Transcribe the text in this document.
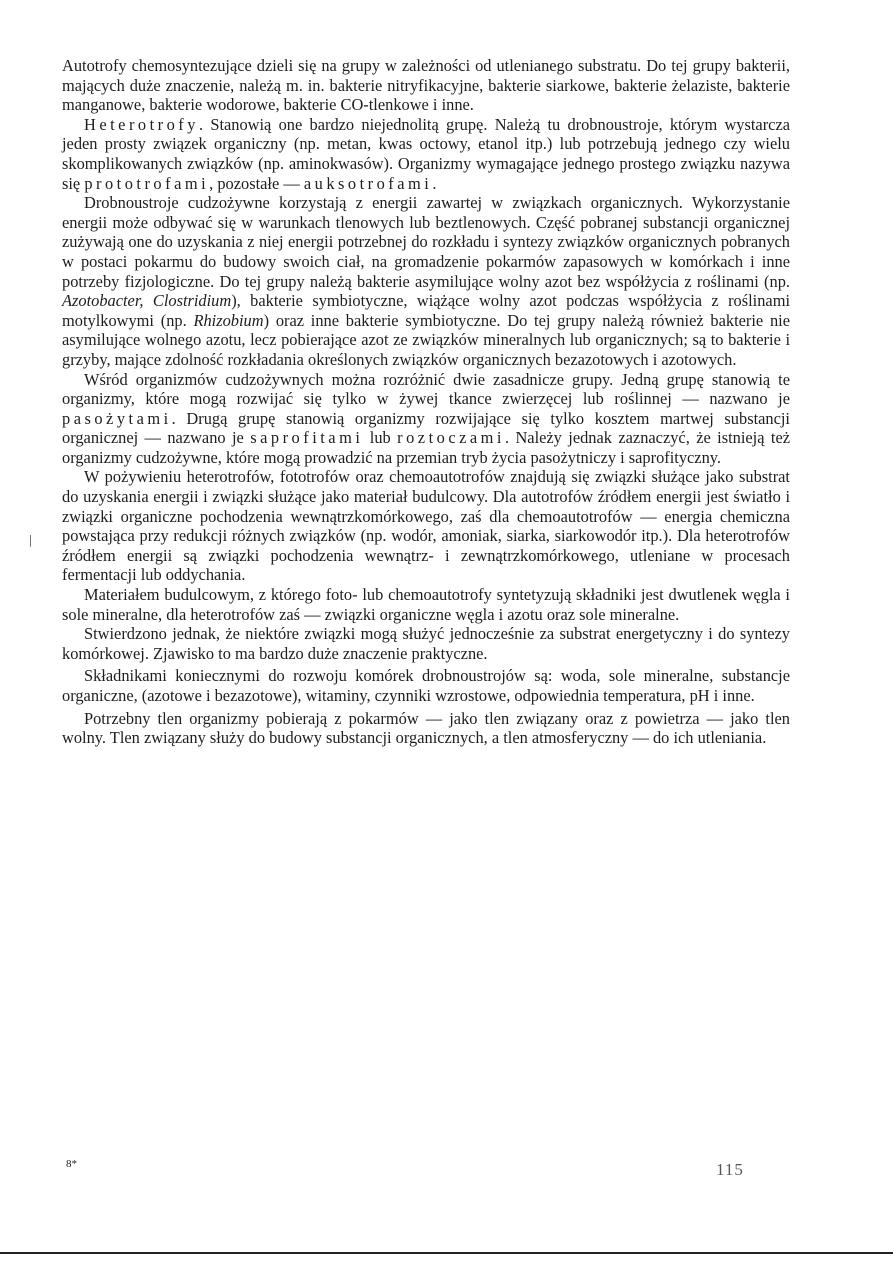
Autotrofy chemosyntezujące dzieli się na grupy w zależności od utlenianego substratu. Do tej grupy bakterii, mających duże znaczenie, należą m. in. bakterie nitryfikacyjne, bakterie siarkowe, bakterie żelaziste, bakterie manganowe, bakterie wodorowe, bakterie CO-tlenkowe i inne.

Heterotrofy. Stanowią one bardzo niejednolitą grupę. Należą tu drobnoustroje, którym wystarcza jeden prosty związek organiczny (np. metan, kwas octowy, etanol itp.) lub potrzebują jednego czy wielu skomplikowanych związków (np. aminokwasów). Organizmy wymagające jednego prostego związku nazywa się prototrofami, pozostałe — auksotrofami.

Drobnoustroje cudzożywne korzystają z energii zawartej w związkach organicznych. Wykorzystanie energii może odbywać się w warunkach tlenowych lub beztlenowych. Część pobranej substancji organicznej zużywają one do uzyskania z niej energii potrzebnej do rozkładu i syntezy związków organicznych pobranych w postaci pokarmu do budowy swoich ciał, na gromadzenie pokarmów zapasowych w komórkach i inne potrzeby fizjologiczne. Do tej grupy należą bakterie asymilujące wolny azot bez współżycia z roślinami (np. Azotobacter, Clostridium), bakterie symbiotyczne, wiążące wolny azot podczas współżycia z roślinami motylkowymi (np. Rhizobium) oraz inne bakterie symbiotyczne. Do tej grupy należą również bakterie nie asymilujące wolnego azotu, lecz pobierające azot ze związków mineralnych lub organicznych; są to bakterie i grzyby, mające zdolność rozkładania określonych związków organicznych bezazotowych i azotowych.

Wśród organizmów cudzożywnych można rozróżnić dwie zasadnicze grupy. Jedną grupę stanowią te organizmy, które mogą rozwijać się tylko w żywej tkance zwierzęcej lub roślinnej — nazwano je pasożytami. Drugą grupę stanowią organizmy rozwijające się tylko kosztem martwej substancji organicznej — nazwano je saprofitami lub roztoczami. Należy jednak zaznaczyć, że istnieją też organizmy cudzożywne, które mogą prowadzić na przemian tryb życia pasożytniczy i saprofityczny.

W pożywieniu heterotrofów, fototrofów oraz chemoautotrofów znajdują się związki służące jako substrat do uzyskania energii i związki służące jako materiał budulcowy. Dla autotrofów źródłem energii jest światło i związki organiczne pochodzenia wewnątrzkomórkowego, zaś dla chemoautotrofów — energia chemiczna powstająca przy redukcji różnych związków (np. wodór, amoniak, siarka, siarkowodór itp.). Dla heterotrofów źródłem energii są związki pochodzenia wewnątrz- i zewnątrzkomórkowego, utleniane w procesach fermentacji lub oddychania.

Materiałem budulcowym, z którego foto- lub chemoautotrofy syntetyzują składniki jest dwutlenek węgla i sole mineralne, dla heterotrofów zaś — związki organiczne węgla i azotu oraz sole mineralne.

Stwierdzono jednak, że niektóre związki mogą służyć jednocześnie za substrat energetyczny i do syntezy komórkowej. Zjawisko to ma bardzo duże znaczenie praktyczne.

Składnikami koniecznymi do rozwoju komórek drobnoustrojów są: woda, sole mineralne, substancje organiczne, (azotowe i bezazotowe), witaminy, czynniki wzrostowe, odpowiednia temperatura, pH i inne.

Potrzebny tlen organizmy pobierają z pokarmów — jako tlen związany oraz z powietrza — jako tlen wolny. Tlen związany służy do budowy substancji organicznych, a tlen atmosferyczny — do ich utleniania.

8*	115
